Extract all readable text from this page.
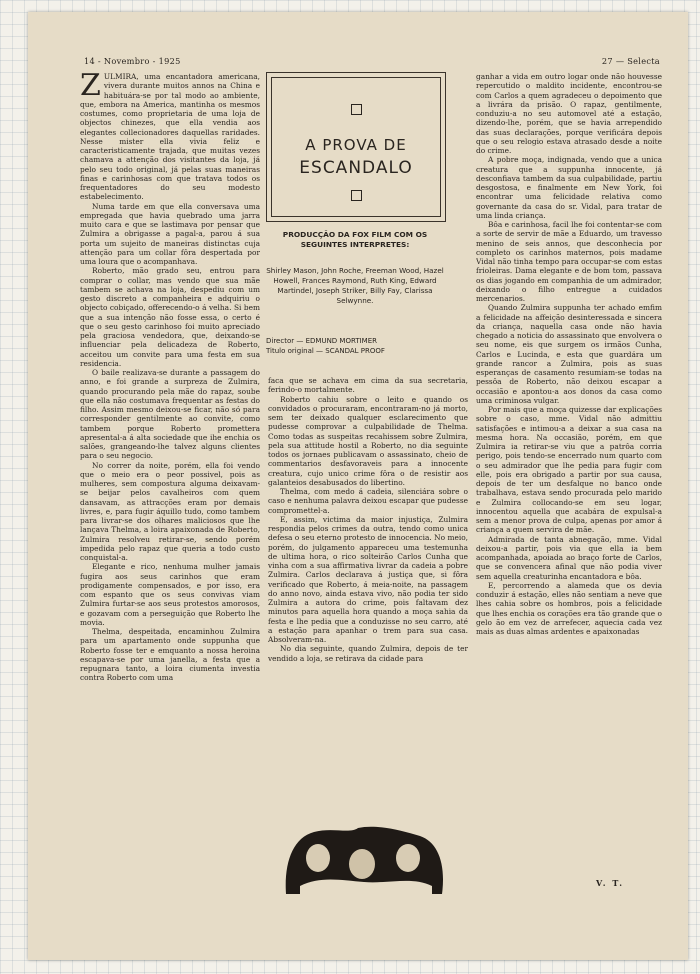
14 - Novembro - 1925	27 — Selecta
Z ULMIRA, uma encantadora americana, vivera durante muitos annos na China e habituára-se por tal modo ao ambiente, que, embora na America, mantinha os mesmos costumes, como proprietaria de uma loja de objectos chinezes, que ella vendia aos elegantes collecionadores daquellas raridades. Nesse mister ella vivia feliz e caracteristicamente trajada, que muitas vezes chamava a attenção dos visitantes da loja, já pelo seu todo original, já pelas suas maneiras finas e carinhosas com que tratava todos os frequentadores do seu modesto estabelecimento.

Numa tarde em que ella conversava uma empregada que havia quebrado uma jarra muito cara e que se lastimava por pensar que Zulmira a obrigasse a pagal-a, parou á sua porta um sujeito de maneiras distinctas cuja attenção para um collar fôra despertada por uma loura que o acompanhava.

Roberto, mão grado seu, entrou para comprar o collar, mas vendo que sua mãe tambem se achava na loja, despediu com um gesto discreto a companheira e adquiriu o objecto cobiçado, offerecendo-o á velha. Si bem que a sua intenção não fosse essa, o certo é que o seu gesto carinhoso foi muito apreciado pela graciosa vendedora, que, deixando-se influenciar pela delicadeza de Roberto, acceitou um convite para uma festa em sua residencia.

O baile realizava-se durante a passagem do anno, e foi grande a surpreza de Zulmira, quando procurando pela mãe do rapaz, soube que ella não costumava frequentar as festas do filho. Assim mesmo deixou-se ficar, não só para corresponder gentilmente ao convite, como tambem porque Roberto promettera apresental-a á alta sociedade que ihe enchia os salões, grangeando-lhe talvez alguns clientes para o seu negocio.

No correr da noite, porém, ella foi vendo que o meio era o peor possivel, pois as mulheres, sem compostura alguma deixavam-se beijar pelos cavalheiros com quem dansavam, as attracções eram por demais livres, e, para fugir áquillo tudo, como tambem para livrar-se dos olhares maliciosos que lhe lançava Thelma, a loira apaixonada de Roberto, Zulmira resolveu retirar-se, sendo porém impedida pelo rapaz que queria a todo custo conquistal-a.

Elegante e rico, nenhuma mulher jamais fugira aos seus carinhos que eram prodigamente compensados, e por isso, era com espanto que os seus convivas viam Zulmira furtar-se aos seus protestos amorosos, e gozavam com a perseguição que Roberto lhe movia.

Thelma, despeitada, encaminhou Zulmira para um apartamento onde suppunha que Roberto fosse ter e emquanto a nossa heroina escapava-se por uma janella, a festa que a repugnara tanto, a loira ciumenta investia contra Roberto com uma

A PROVA DE
ESCANDALO
PRODUCÇÃO DA FOX FILM COM OS SEGUINTES INTERPRETES:
Shirley Mason, John Roche, Freeman Wood, Hazel Howell, Frances Raymond, Ruth King, Edward Martindel, Joseph Striker, Billy Fay, Clarissa Selwynne.
Director — EDMUND MORTIMER
Titulo original — SCANDAL PROOF

faca que se achava em cima da sua secretaria, ferindo-o mortalmente.

Roberto cahiu sobre o leito e quando os convidados o procuraram, encontraram-no já morto, sem ter deixado qualquer esclarecimento que pudesse comprovar a culpabilidade de Thelma. Como todas as suspeitas recahissem sobre Zulmira, pela sua attitude hostil a Roberto, no dia seguinte todos os jornaes publicavam o assassinato, cheio de commentarios desfavoraveis para a innocente creatura, cujo unico crime fôra o de resistir aos galanteios desabusados do libertino.

Thelma, com medo á cadeia, silenciára sobre o caso e nenhuma palavra deixou escapar que pudesse compromettel-a.

E, assim, victima da maior injustiça, Zulmira respondia pelos crimes da outra, tendo como unica defesa o seu eterno protesto de innocencia. No meio, porém, do julgamento appareceu uma testemunha de ultima hora, o rico solteirão Carlos Cunha que vinha com a sua affirmativa livrar da cadeia a pobre Zulmira. Carlos declarava á justiça que, si fôra verificado que Roberto, á meia-noite, na passagem do anno novo, ainda estava vivo, não podia ter sido Zulmira a autora do crime, pois faltavam dez minutos para aquella hora quando a moça sahia da festa e lhe pedia que a conduzisse no seu carro, até a estação para apanhar o trem para sua casa. Absolveram-na.

No dia seguinte, quando Zulmira, depois de ter vendido a loja, se retirava da cidade para

ganhar a vida em outro logar onde não houvesse repercutido o maldito incidente, encontrou-se com Carlos a quem agradeceu o depoimento que a livrára da prisão. O rapaz, gentilmente, conduziu-a no seu automovel até a estação, dizendo-lhe, porém, que se havia arrependido das suas declarações, porque verificára depois que o seu relogio estava atrasado desde a noite do crime.

A pobre moça, indignada, vendo que a unica creatura que a suppunha innocente, já desconfiava tambem da sua culpabilidade, partiu desgostosa, e finalmente em New York, foi encontrar uma felicidade relativa como governante da casa do sr. Vidal, para tratar de uma linda criança.

Bôa e carinhosa, facil lhe foi contentar-se com a sorte de servir de mãe a Eduardo, um travesso menino de seis annos, que desconhecia por completo os carinhos maternos, pois madame Vidal não tinha tempo para occupar-se com estas frioleiras. Dama elegante e de bom tom, passava os dias jogando em companhia de um admirador, deixando o filho entregue a cuidados mercenarios.

Quando Zulmira suppunha ter achado emfim a felicidade na affeição desinteressada e sincera da criança, naquella casa onde não havia chegado a noticia do assassinato que envolvera o seu nome, eis que surgem os irmãos Cunha, Carlos e Lucinda, e esta que guardára um grande rancor a Zulmira, pois as suas esperanças de casamento resumiam-se todas na pessôa de Roberto, não deixou escapar a occasião e apontou-a aos donos da casa como uma criminosa vulgar.

Por mais que a moça quizesse dar explicações sobre o caso, mme. Vidal não admittiu satisfações e intimou-a a deixar a sua casa na mesma hora. Na occasião, porém, em que Zulmira ia retirar-se viu que a patrôa corria perigo, pois tendo-se encerrado num quarto com o seu admirador que lhe pedia para fugir com elle, pois era obrigado a partir por sua causa, depois de ter um desfalque no banco onde trabalhava, estava sendo procurada pelo marido e Zulmira collocando-se em seu logar, innocentou aquella que acabára de expulsal-a sem a menor prova de culpa, apenas por amor á criança a quem servira de mãe.

Admirada de tanta abnegação, mme. Vidal deixou-a partir, pois via que ella ia bem acompanhada, apoiada ao braço forte de Carlos, que se convencera afinal que não podia viver sem aquella creaturinha encantadora e bôa.

E, percorrendo a alameda que os devia conduzir á estação, elles não sentiam a neve que lhes cahia sobre os hombros, pois a felicidade que lhes enchia os corações era tão grande que o gelo ão em vez de arrefecer, aquecia cada vez mais as duas almas ardentes e apaixonadas

V. T.
